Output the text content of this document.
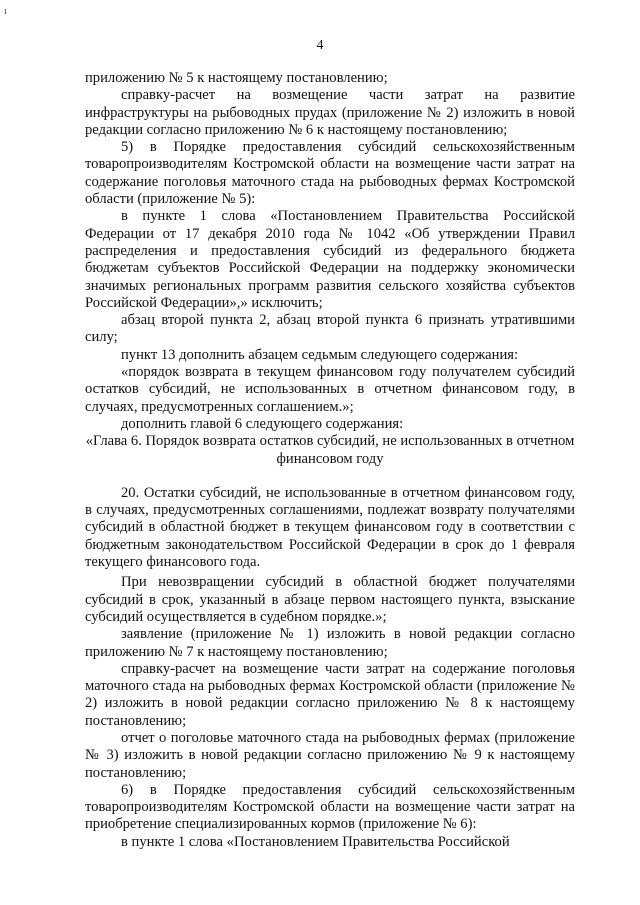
ı
4

приложению № 5 к настоящему постановлению;

справку-расчет на возмещение части затрат на развитие инфраструктуры на рыбоводных прудах (приложение № 2) изложить в новой редакции согласно приложению № 6 к настоящему постановлению;

5) в Порядке предоставления субсидий сельскохозяйственным товаропроизводителям Костромской области на возмещение части затрат на содержание поголовья маточного стада на рыбоводных фермах Костромской области (приложение № 5):

в пункте 1 слова «Постановлением Правительства Российской Федерации от 17 декабря 2010 года № 1042 «Об утверждении Правил распределения и предоставления субсидий из федерального бюджета бюджетам субъектов Российской Федерации на поддержку экономически значимых региональных программ развития сельского хозяйства субъектов Российской Федерации»,» исключить;

абзац второй пункта 2, абзац второй пункта 6 признать утратившими силу;

пункт 13 дополнить абзацем седьмым следующего содержания:

«порядок возврата в текущем финансовом году получателем субсидий остатков субсидий, не использованных в отчетном финансовом году, в случаях, предусмотренных соглашением.»;

дополнить главой 6 следующего содержания:

«Глава 6. Порядок возврата остатков субсидий, не использованных в отчетном финансовом году

20. Остатки субсидий, не использованные в отчетном финансовом году, в случаях, предусмотренных соглашениями, подлежат возврату получателями субсидий в областной бюджет в текущем финансовом году в соответствии с бюджетным законодательством Российской Федерации в срок до 1 февраля текущего финансового года.

При невозвращении субсидий в областной бюджет получателями субсидий в срок, указанный в абзаце первом настоящего пункта, взыскание субсидий осуществляется в судебном порядке.»;

заявление (приложение № 1) изложить в новой редакции согласно приложению № 7 к настоящему постановлению;

справку-расчет на возмещение части затрат на содержание поголовья маточного стада на рыбоводных фермах Костромской области (приложение № 2) изложить в новой редакции согласно приложению № 8 к настоящему постановлению;

отчет о поголовье маточного стада на рыбоводных фермах (приложение № 3) изложить в новой редакции согласно приложению № 9 к настоящему постановлению;

6) в Порядке предоставления субсидий сельскохозяйственным товаропроизводителям Костромской области на возмещение части затрат на приобретение специализированных кормов (приложение № 6):

в пункте 1 слова «Постановлением Правительства Российской
